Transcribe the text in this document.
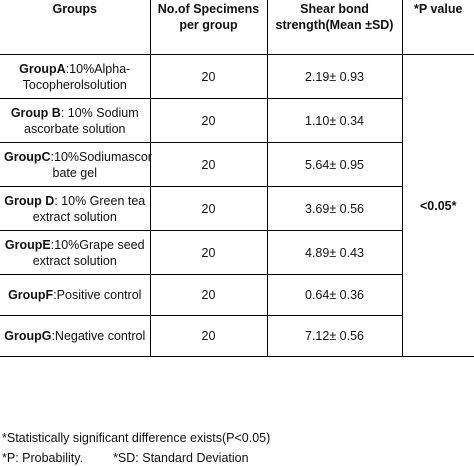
Groups	No.of Specimens per group	Shear bond strength(Mean ±SD)	*P value
GroupA:10%Alpha-Tocopherolsolution	20	2.19± 0.93	<0.05*
Group B: 10% Sodium ascorbate solution	20	1.10± 0.34	
GroupC:10%Sodiumascor bate gel	20	5.64± 0.95	
Group D: 10% Green tea extract solution	20	3.69± 0.56	
GroupE:10%Grape seed extract solution	20	4.89± 0.43	
GroupF:Positive control	20	0.64± 0.36	
GroupG:Negative control	20	7.12± 0.56	
*Statistically significant difference exists(P<0.05)
*P: Probability. *SD: Standard Deviation
